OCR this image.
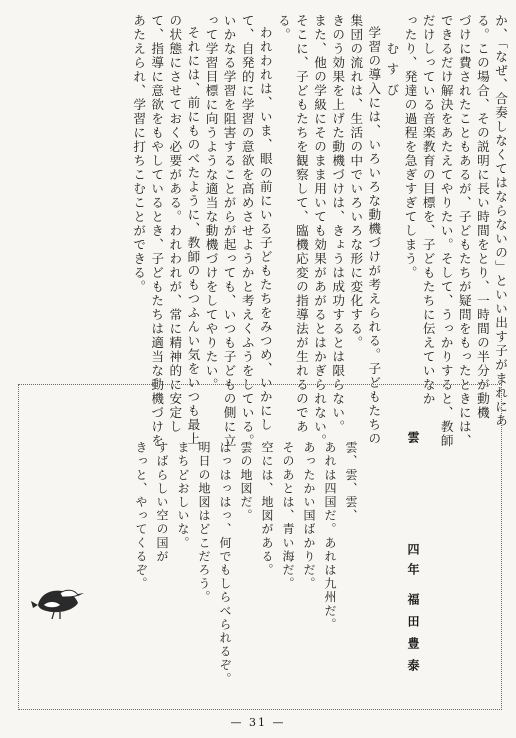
か、「なぜ、合奏しなくてはならないの」といい出す子がまれにあ
る。この場合、その説明に長い時間をとり、一時間の半分が動機
づけに費されたこともあるが、子どもたちが疑問をもったときには、
できるだけ解決をあたえてやりたい。そして、うっかりすると、教師
だけしっている音楽教育の目標を、子どもたちに伝えていなか
ったり、発達の過程を急ぎすぎてしまう。
むすび
学習の導入には、いろいろな動機づけが考えられる。子どもたちの
集団の流れは、生活の中でいろいろな形に変化する。
きのう効果を上げた動機づけは、きょうは成功するとは限らない。
また、他の学級にそのまま用いても効果があがるとはかぎられない。
そこに、子どもたちを観察して、臨機応変の指導法が生れるのであ
る。
われわれは、いま、眼の前にいる子どもたちをみつめ、いかにし
て、自発的に学習の意欲を高めさせようかと考えくふうをしている。
いかなる学習を阻害することがらが起っても、いつも子どもの側に立
って学習目標に向うような適当な動機づけをしてやりたい。
それには、前にものべたように、教師のもつふんい気をいつも最上
の状態にさせておく必要がある。われわれが、常に精神的に安定し
て、指導に意欲をもやしているとき、子どもたちは適当な動機づけを
あたえられ、学習に打ちこむことができる。
雲
四年
福田豊泰
雲、雲、雲、
あれは四国だ。あれは九州だ。
あったかい国ばかりだ。
そのあとは、青い海だ。
空には、地図がある。
雲の地図だ。
はっはっはっ、何でもしらべられるぞ。
明日の地図はどこだろう。
まちどおしいな。
すばらしい空の国が
きっと、やってくるぞ。
— 31 —
